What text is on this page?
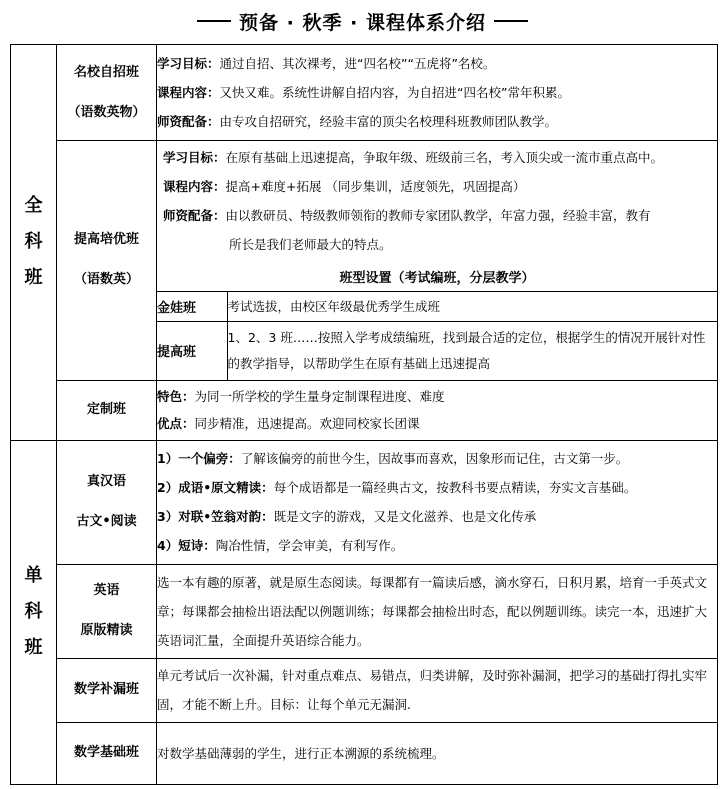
预备 · 秋季 · 课程体系介绍
全
科
班

名校自招班
（语数英物）

学习目标：通过自招、其次裸考，进“四名校”“五虎将”名校。
课程内容：又快又难。系统性讲解自招内容，为自招进“四名校”常年积累。
师资配备：由专攻自招研究，经验丰富的顶尖名校理科班教师团队教学。

提高培优班
（语数英）

学习目标：在原有基础上迅速提高，争取年级、班级前三名，考入顶尖或一流市重点高中。
课程内容：提高+难度+拓展 （同步集训，适度领先，巩固提高）
师资配备：由以教研员、特级教师领衔的教师专家团队教学，年富力强，经验丰富，教有
所长是我们老师最大的特点。
班型设置（考试编班，分层教学）
金娃班	考试选拔，由校区年级最优秀学生成班
提高班	1、2、3 班……按照入学考成绩编班，找到最合适的定位，根据学生的情况开展针对性的教学指导，以帮助学生在原有基础上迅速提高

定制班

特色：为同一所学校的学生量身定制课程进度、难度
优点：同步精准，迅速提高。欢迎同校家长团课

单
科
班

真汉语
古文•阅读

1）一个偏旁：了解该偏旁的前世今生，因故事而喜欢，因象形而记住，古文第一步。
2）成语•原文精读：每个成语都是一篇经典古文，按教科书要点精读，夯实文言基础。
3）对联•笠翁对韵：既是文字的游戏，又是文化滋养、也是文化传承
4）短诗：陶冶性情，学会审美，有利写作。

英语
原版精读
	选一本有趣的原著，就是原生态阅读。每课都有一篇读后感，滴水穿石，日积月累，培育一手英式文章；每课都会抽检出语法配以例题训练；每课都会抽检出时态，配以例题训练。读完一本，迅速扩大英语词汇量，全面提升英语综合能力。

数学补漏班
	单元考试后一次补漏，针对重点难点、易错点，归类讲解，及时弥补漏洞，把学习的基础打得扎实牢固，才能不断上升。目标：让每个单元无漏洞.

数学基础班	对数学基础薄弱的学生，进行正本溯源的系统梳理。
